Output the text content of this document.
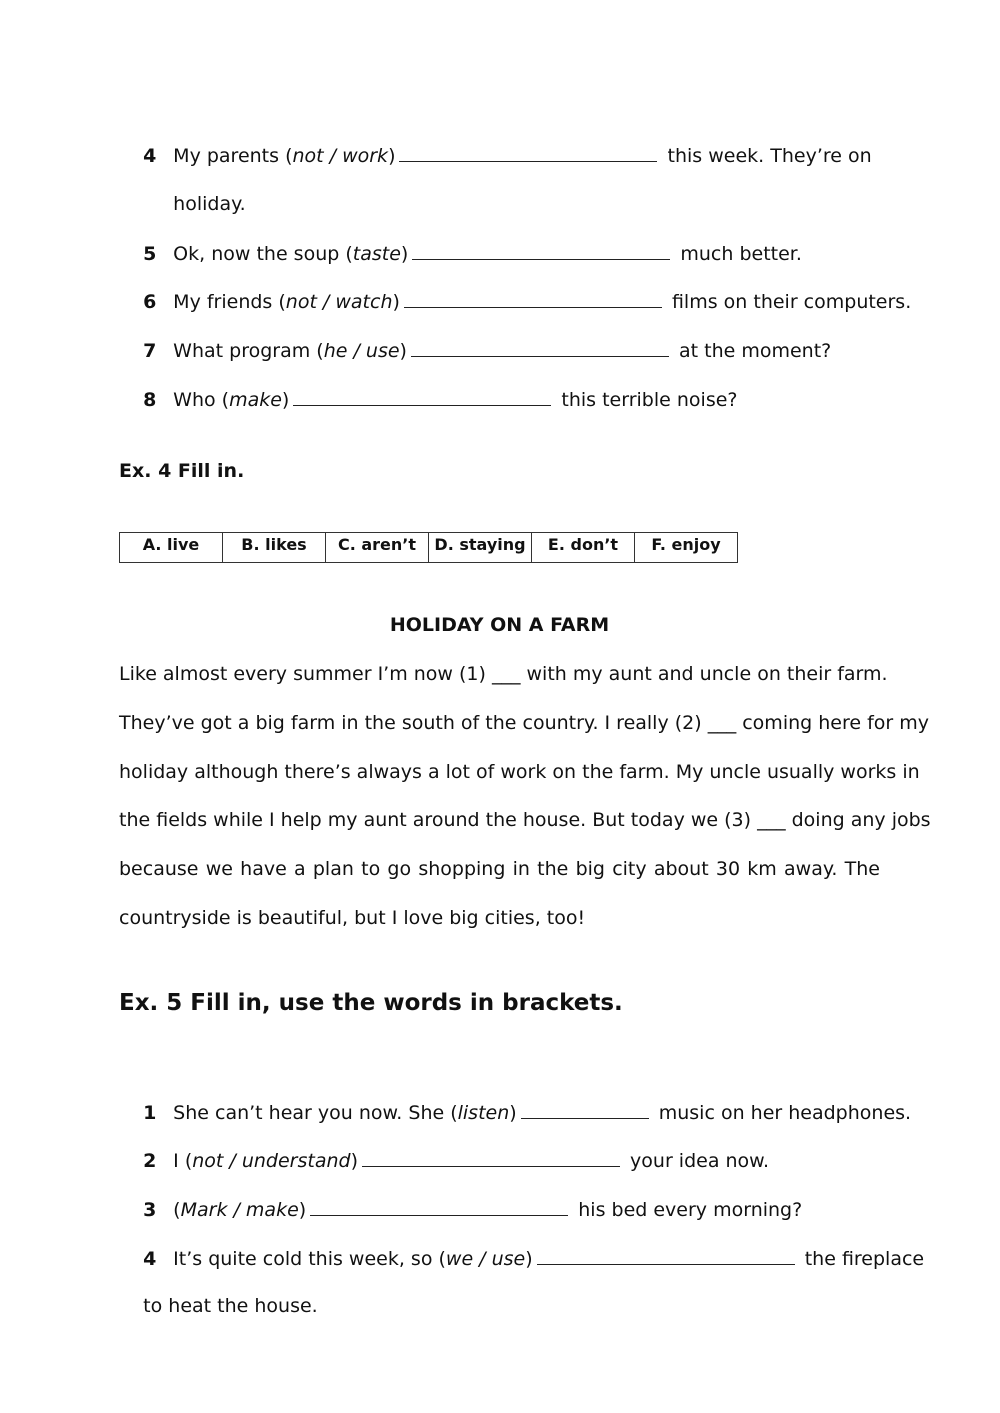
4 My parents (not / work)	this week. They’re on

holiday.

5 Ok, now the soup (taste)	much better.

6 My friends (not / watch)	films on their computers.

7 What program (he / use)	at the moment?

8 Who (make)	this terrible noise?

Ex. 4 Fill in.
A. live	B. likes	C. aren’t	D. staying	E. don’t	F. enjoy
HOLIDAY ON A FARM
Like almost every summer I’m now (1) ___ with my aunt and uncle on their farm.
They’ve got a big farm in the south of the country. I really (2) ___ coming here for my
holiday although there’s always a lot of work on the farm. My uncle usually works in
the fields while I help my aunt around the house. But today we (3) ___ doing any jobs
because we have a plan to go shopping in the big city about 30 km away. The
countryside is beautiful, but I love big cities, too!
Ex. 5 Fill in, use the words in brackets.

1 She can’t hear you now. She (listen)	music on her headphones.

2 I (not / understand)	your idea now.

3 (Mark / make)	his bed every morning?

4 It’s quite cold this week, so (we / use)	the fireplace

to heat the house.
